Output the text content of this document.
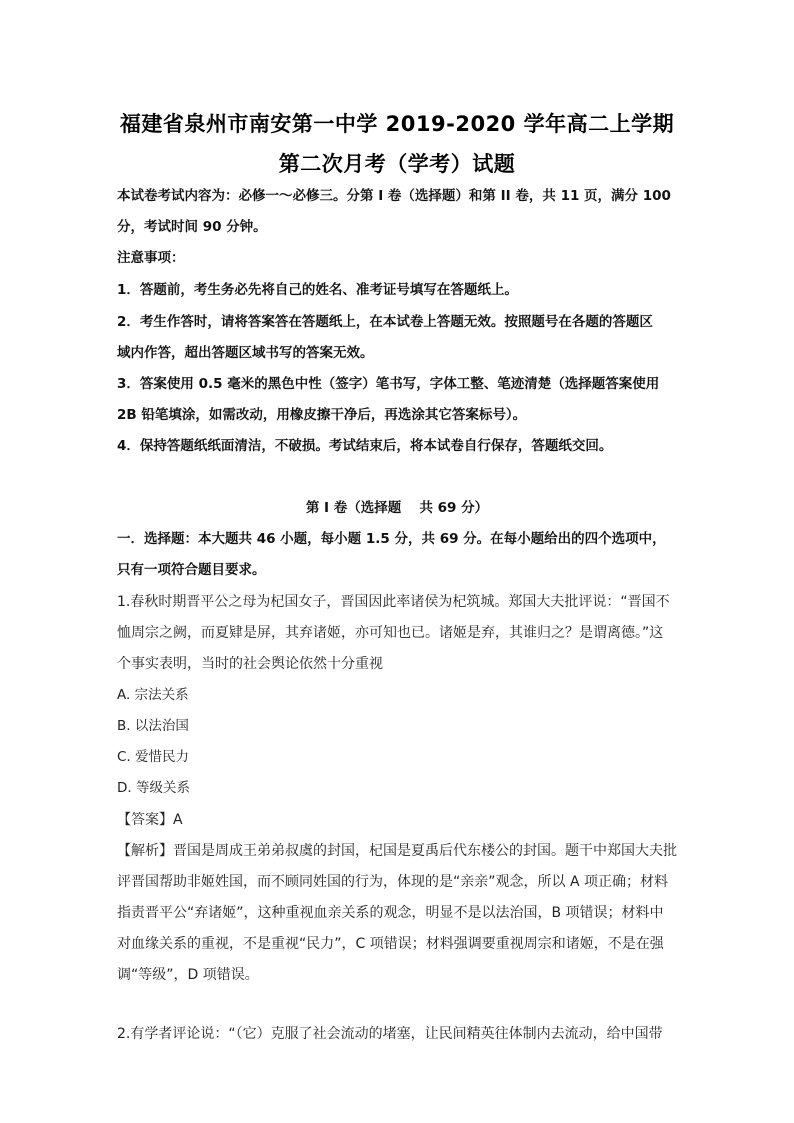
福建省泉州市南安第一中学 2019-2020 学年高二上学期
第二次月考（学考）试题
本试卷考试内容为：必修一～必修三。分第 I 卷（选择题）和第 II 卷，共 11 页，满分 100
分，考试时间 90 分钟。
注意事项：
1．答题前，考生务必先将自己的姓名、准考证号填写在答题纸上。
2．考生作答时，请将答案答在答题纸上，在本试卷上答题无效。按照题号在各题的答题区
域内作答，超出答题区域书写的答案无效。
3．答案使用 0.5 毫米的黑色中性（签字）笔书写，字体工整、笔迹清楚（选择题答案使用
2B 铅笔填涂，如需改动，用橡皮擦干净后，再选涂其它答案标号）。
4．保持答题纸纸面清洁，不破损。考试结束后，将本试卷自行保存，答题纸交回。
第 I 卷（选择题　 共 69 分）
一．选择题：本大题共 46 小题，每小题 1.5 分，共 69 分。在每小题给出的四个选项中，
只有一项符合题目要求。
1.春秋时期晋平公之母为杞国女子，晋国因此率诸侯为杞筑城。郑国大夫批评说：“晋国不
恤周宗之阙，而夏肄是屏，其弃诸姬，亦可知也已。诸姬是弃，其谁归之？是谓离德。”这
个事实表明，当时的社会舆论依然十分重视
A. 宗法关系
B. 以法治国
C. 爱惜民力
D. 等级关系
【答案】A
【解析】晋国是周成王弟弟叔虞的封国，杞国是夏禹后代东楼公的封国。题干中郑国大夫批
评晋国帮助非姬姓国，而不顾同姓国的行为，体现的是“亲亲”观念，所以 A 项正确；材料
指责晋平公“弃诸姬”，这种重视血亲关系的观念，明显不是以法治国，B 项错误；材料中
对血缘关系的重视，不是重视“民力”，C 项错误；材料强调要重视周宗和诸姬，不是在强
调“等级”，D 项错误。
2.有学者评论说：“（它）克服了社会流动的堵塞，让民间精英往体制内去流动，给中国带
